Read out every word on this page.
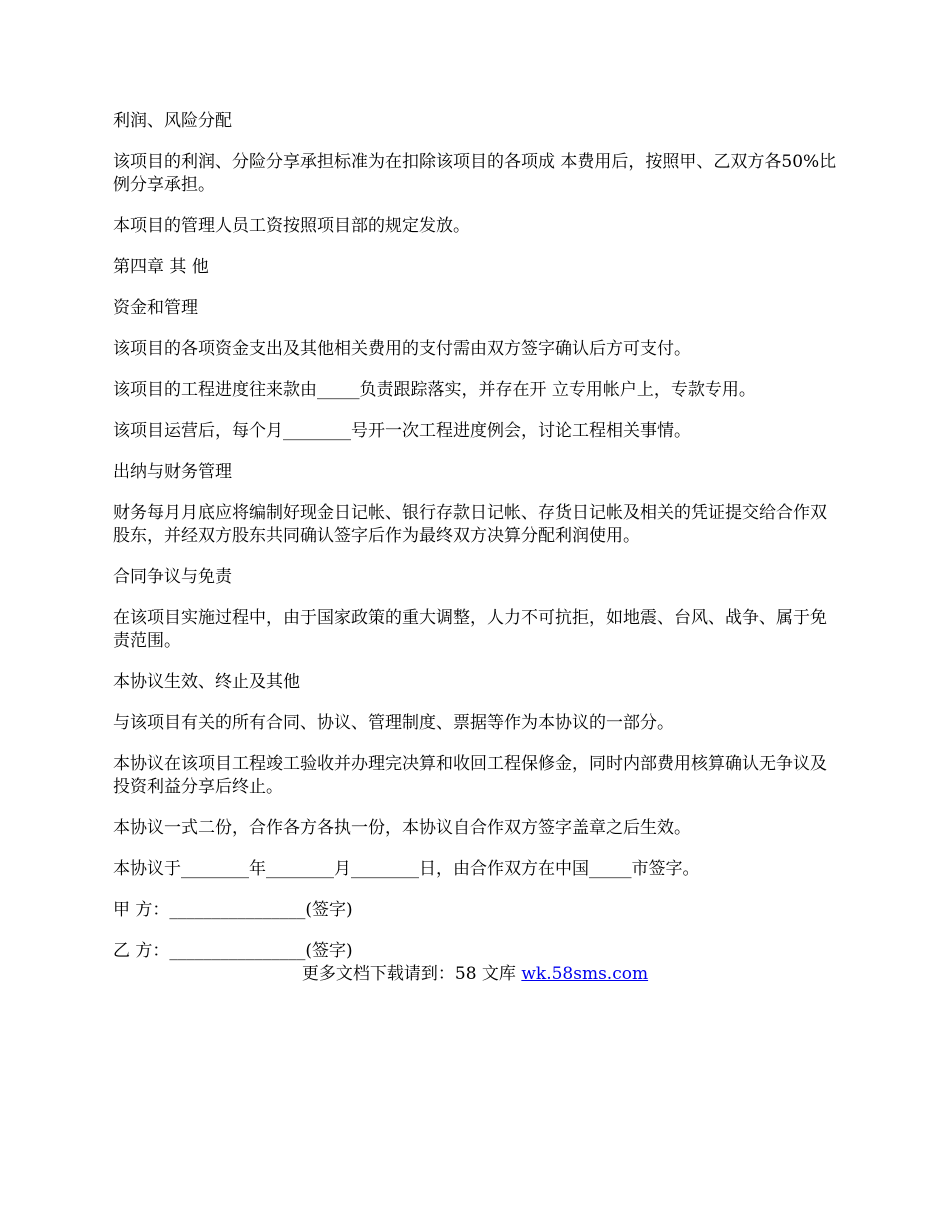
利润、风险分配

该项目的利润、分险分享承担标准为在扣除该项目的各项成 本费用后，按照甲、乙双方各50%比例分享承担。

本项目的管理人员工资按照项目部的规定发放。

第四章 其 他

资金和管理

该项目的各项资金支出及其他相关费用的支付需由双方签字确认后方可支付。

该项目的工程进度往来款由_____负责跟踪落实，并存在开 立专用帐户上，专款专用。

该项目运营后，每个月________号开一次工程进度例会，讨论工程相关事情。

出纳与财务管理

财务每月月底应将编制好现金日记帐、银行存款日记帐、存货日记帐及相关的凭证提交给合作双股东，并经双方股东共同确认签字后作为最终双方决算分配利润使用。

合同争议与免责

在该项目实施过程中，由于国家政策的重大调整，人力不可抗拒，如地震、台风、战争、属于免责范围。

本协议生效、终止及其他

与该项目有关的所有合同、协议、管理制度、票据等作为本协议的一部分。

本协议在该项目工程竣工验收并办理完决算和收回工程保修金，同时内部费用核算确认无争议及投资利益分享后终止。

本协议一式二份，合作各方各执一份，本协议自合作双方签字盖章之后生效。

本协议于________年________月________日，由合作双方在中国_____市签字。

甲 方：________________(签字)

乙 方：________________(签字)

更多文档下载请到：58 文库 wk.58sms.com
